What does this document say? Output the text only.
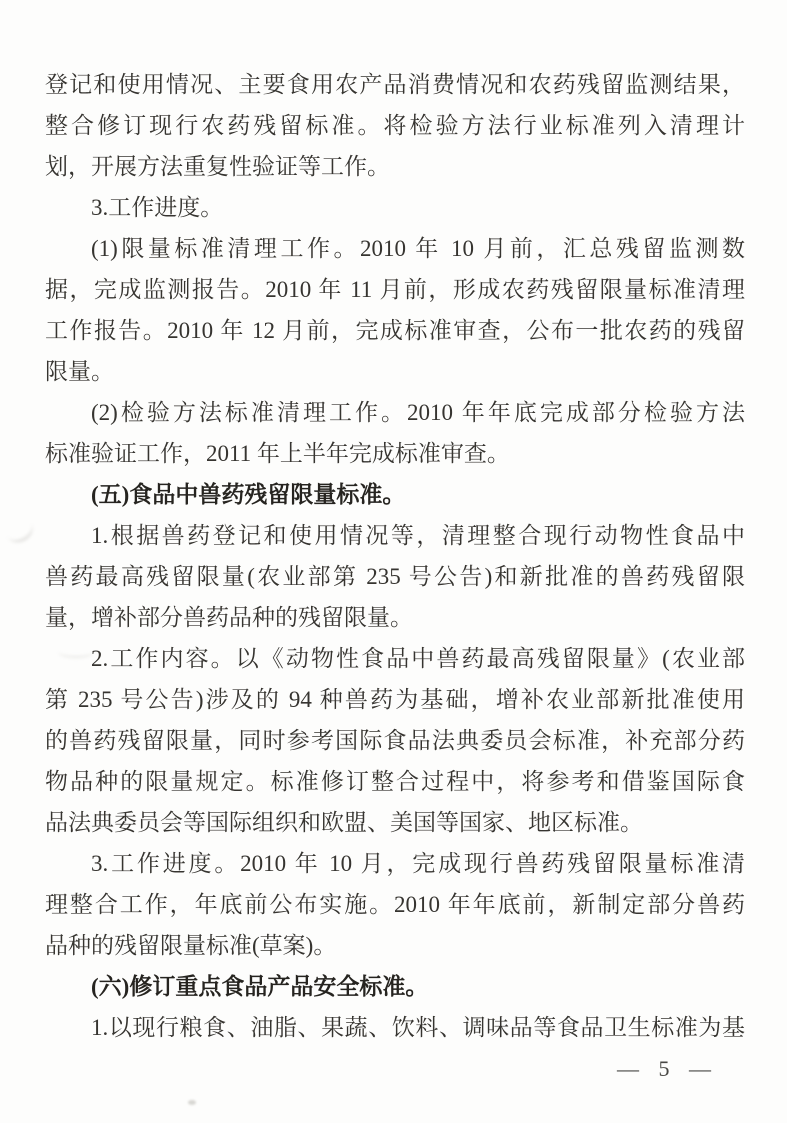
登记和使用情况、主要食用农产品消费情况和农药残留监测结果，
整合修订现行农药残留标准。将检验方法行业标准列入清理计
划，开展方法重复性验证等工作。
3.工作进度。
(1)限量标准清理工作。2010 年 10 月前，汇总残留监测数
据，完成监测报告。2010 年 11 月前，形成农药残留限量标准清理
工作报告。2010 年 12 月前，完成标准审查，公布一批农药的残留
限量。
(2)检验方法标准清理工作。2010 年年底完成部分检验方法
标准验证工作，2011 年上半年完成标准审查。
(五)食品中兽药残留限量标准。
1.根据兽药登记和使用情况等，清理整合现行动物性食品中
兽药最高残留限量(农业部第 235 号公告)和新批准的兽药残留限
量，增补部分兽药品种的残留限量。
2.工作内容。以《动物性食品中兽药最高残留限量》(农业部
第 235 号公告)涉及的 94 种兽药为基础，增补农业部新批准使用
的兽药残留限量，同时参考国际食品法典委员会标准，补充部分药
物品种的限量规定。标准修订整合过程中，将参考和借鉴国际食
品法典委员会等国际组织和欧盟、美国等国家、地区标准。
3.工作进度。2010 年 10 月，完成现行兽药残留限量标准清
理整合工作，年底前公布实施。2010 年年底前，新制定部分兽药
品种的残留限量标准(草案)。
(六)修订重点食品产品安全标准。
1.以现行粮食、油脂、果蔬、饮料、调味品等食品卫生标准为基
— 5 —
